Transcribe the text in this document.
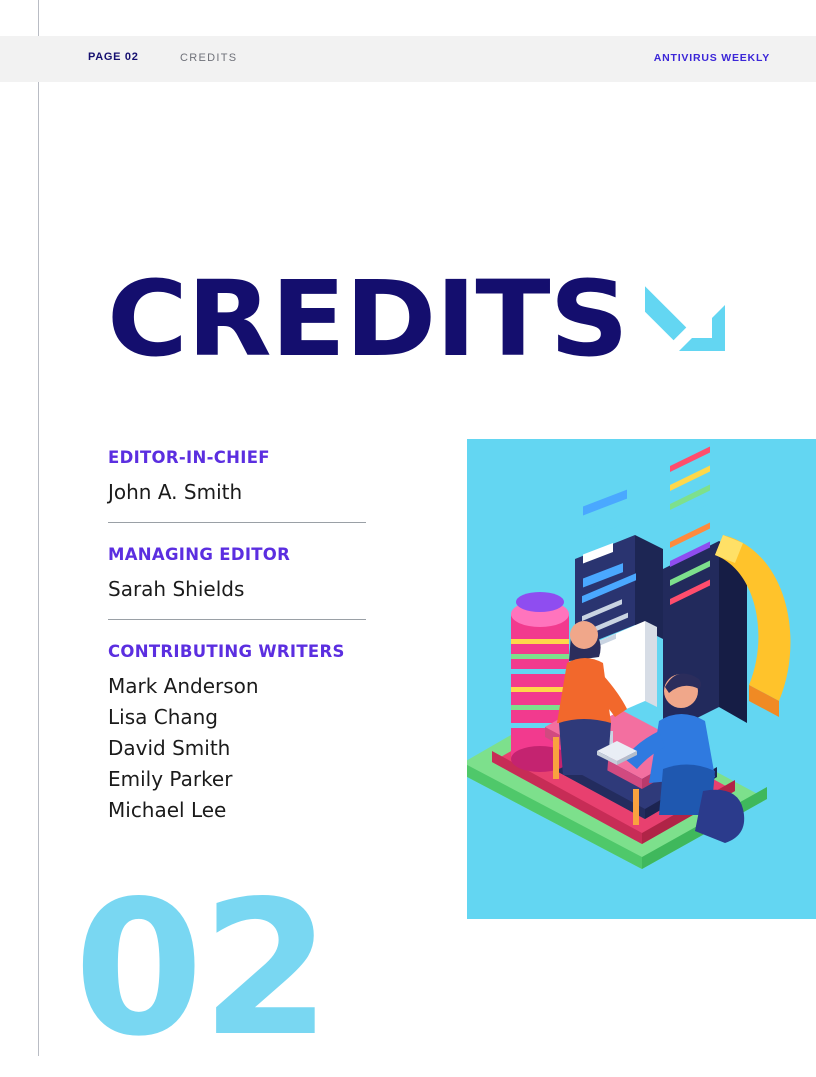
PAGE 02	CREDITS	ANTIVIRUS WEEKLY
CREDITS
EDITOR-IN-CHIEF
John A. Smith
MANAGING EDITOR
Sarah Shields
CONTRIBUTING WRITERS
Mark Anderson
Lisa Chang
David Smith
Emily Parker
Michael Lee
02
